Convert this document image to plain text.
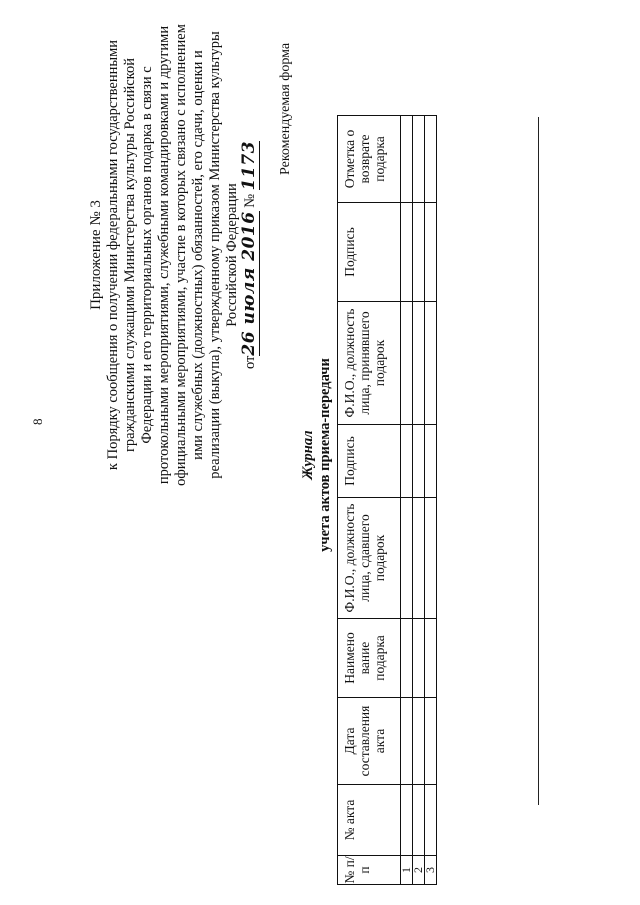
8
Приложение № 3 к Порядку сообщения о получении федеральными государственными гражданскими служащими Министерства культуры Российской Федерации и его территориальных органов подарка в связи с протокольными мероприятиями, служебными командировками и другими официальными мероприятиями, участие в которых связано с исполнением ими служебных (должностных) обязанностей, его сдачи, оценки и реализации (выкупа), утвержденному приказом Министерства культуры Российской Федерации
от26 июля 2016 № 1173 Рекомендуемая форма
Журнал учета актов приема-передачи
№ п/п	№ акта	Дата составления акта	Наимено вание подарка	Ф.И.О., должность лица, сдавшего подарок	Подпись	Ф.И.О., должность лица, принявшего подарок	Подпись	Отметка о возврате подарка
1								
2								
3								
